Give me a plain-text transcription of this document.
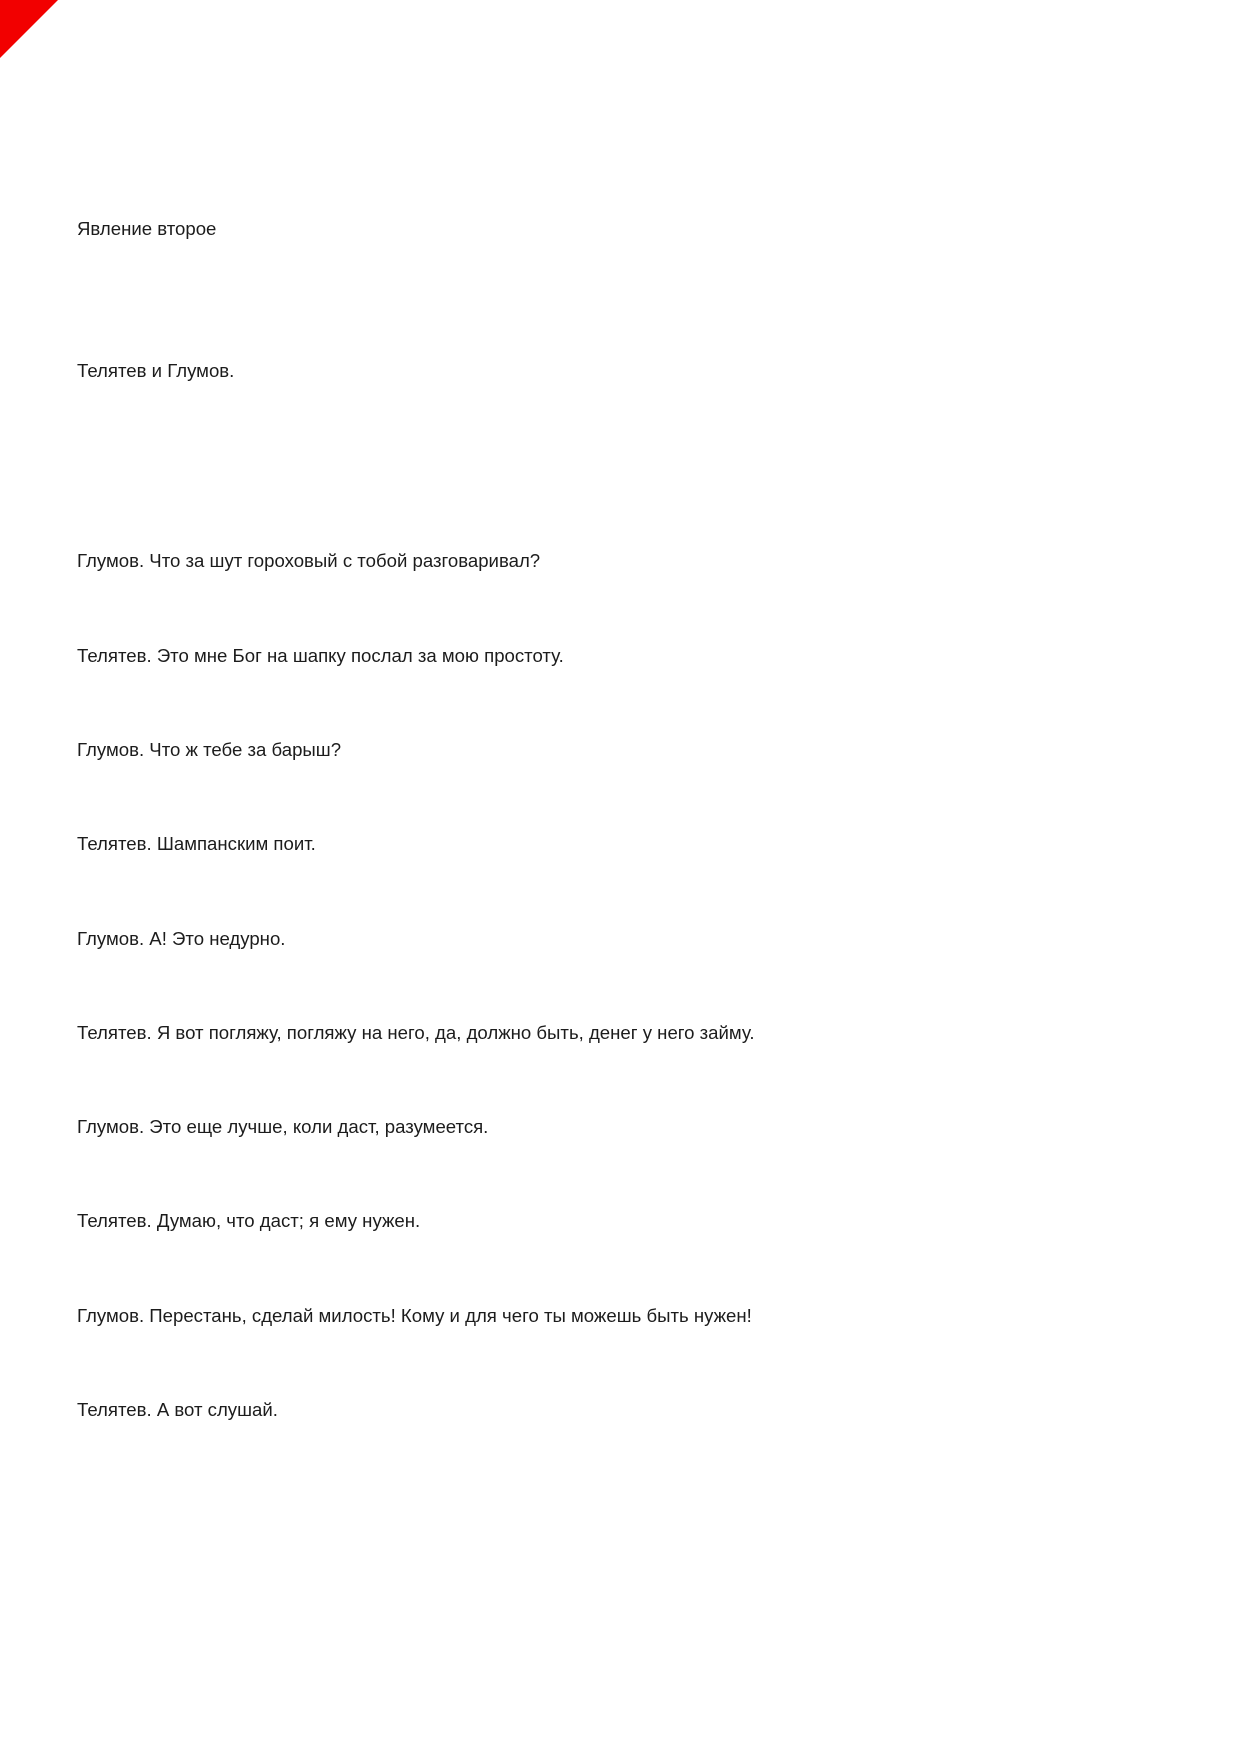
Явление второе
Телятев и Глумов.
Глумов. Что за шут гороховый с тобой разговаривал?
Телятев. Это мне Бог на шапку послал за мою простоту.
Глумов. Что ж тебе за барыш?
Телятев. Шампанским поит.
Глумов. А! Это недурно.
Телятев. Я вот погляжу, погляжу на него, да, должно быть, денег у него займу.
Глумов. Это еще лучше, коли даст, разумеется.
Телятев. Думаю, что даст; я ему нужен.
Глумов. Перестань, сделай милость! Кому и для чего ты можешь быть нужен!
Телятев. А вот слушай.
